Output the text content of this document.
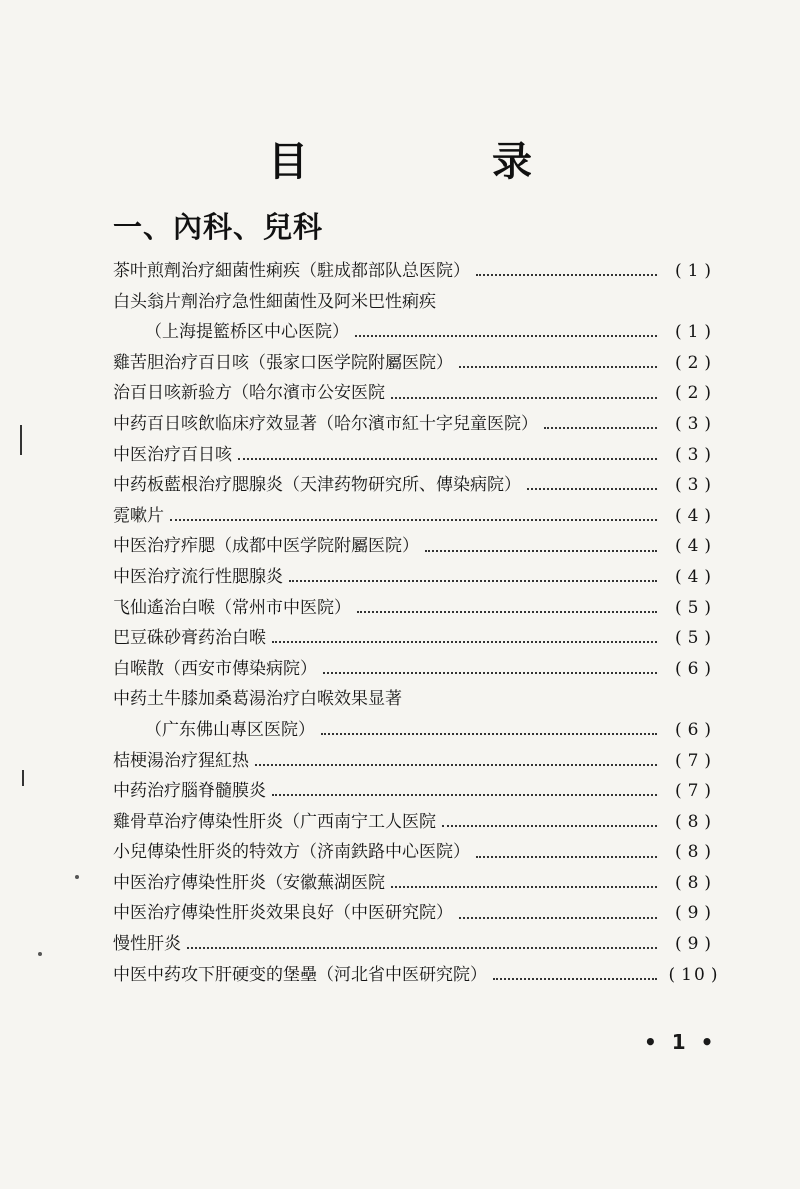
目　录
一、內科、兒科
茶叶煎劑治疗細菌性痢疾（駐成都部队总医院）	( 1 )
白头翁片劑治疗急性細菌性及阿米巴性痢疾
（上海提籃桥区中心医院）	( 1 )
雞苦胆治疗百日咳（張家口医学院附屬医院）	( 2 )
治百日咳新验方（哈尔濱市公安医院	( 2 )
中药百日咳飲临床疗效显著（哈尔濱市紅十字兒童医院）	( 3 )
中医治疗百日咳	( 3 )
中药板藍根治疗腮腺炎（天津药物研究所、傳染病院）	( 3 )
霓嗽片	( 4 )
中医治疗痄腮（成都中医学院附屬医院）	( 4 )
中医治疗流行性腮腺炎	( 4 )
飞仙遙治白喉（常州市中医院）	( 5 )
巴豆硃砂膏药治白喉	( 5 )
白喉散（西安市傳染病院）	( 6 )
中药土牛膝加桑葛湯治疗白喉效果显著
（广东佛山專区医院）	( 6 )
桔梗湯治疗猩紅热	( 7 )
中药治疗腦脊髓膜炎	( 7 )
雞骨草治疗傳染性肝炎（广西南宁工人医院	( 8 )
小兒傳染性肝炎的特效方（济南鉄路中心医院）	( 8 )
中医治疗傳染性肝炎（安徽蕪湖医院	( 8 )
中医治疗傳染性肝炎效果良好（中医研究院）	( 9 )
慢性肝炎	( 9 )
中医中药攻下肝硬变的堡壘（河北省中医研究院）	( 10 )
• 1 •
